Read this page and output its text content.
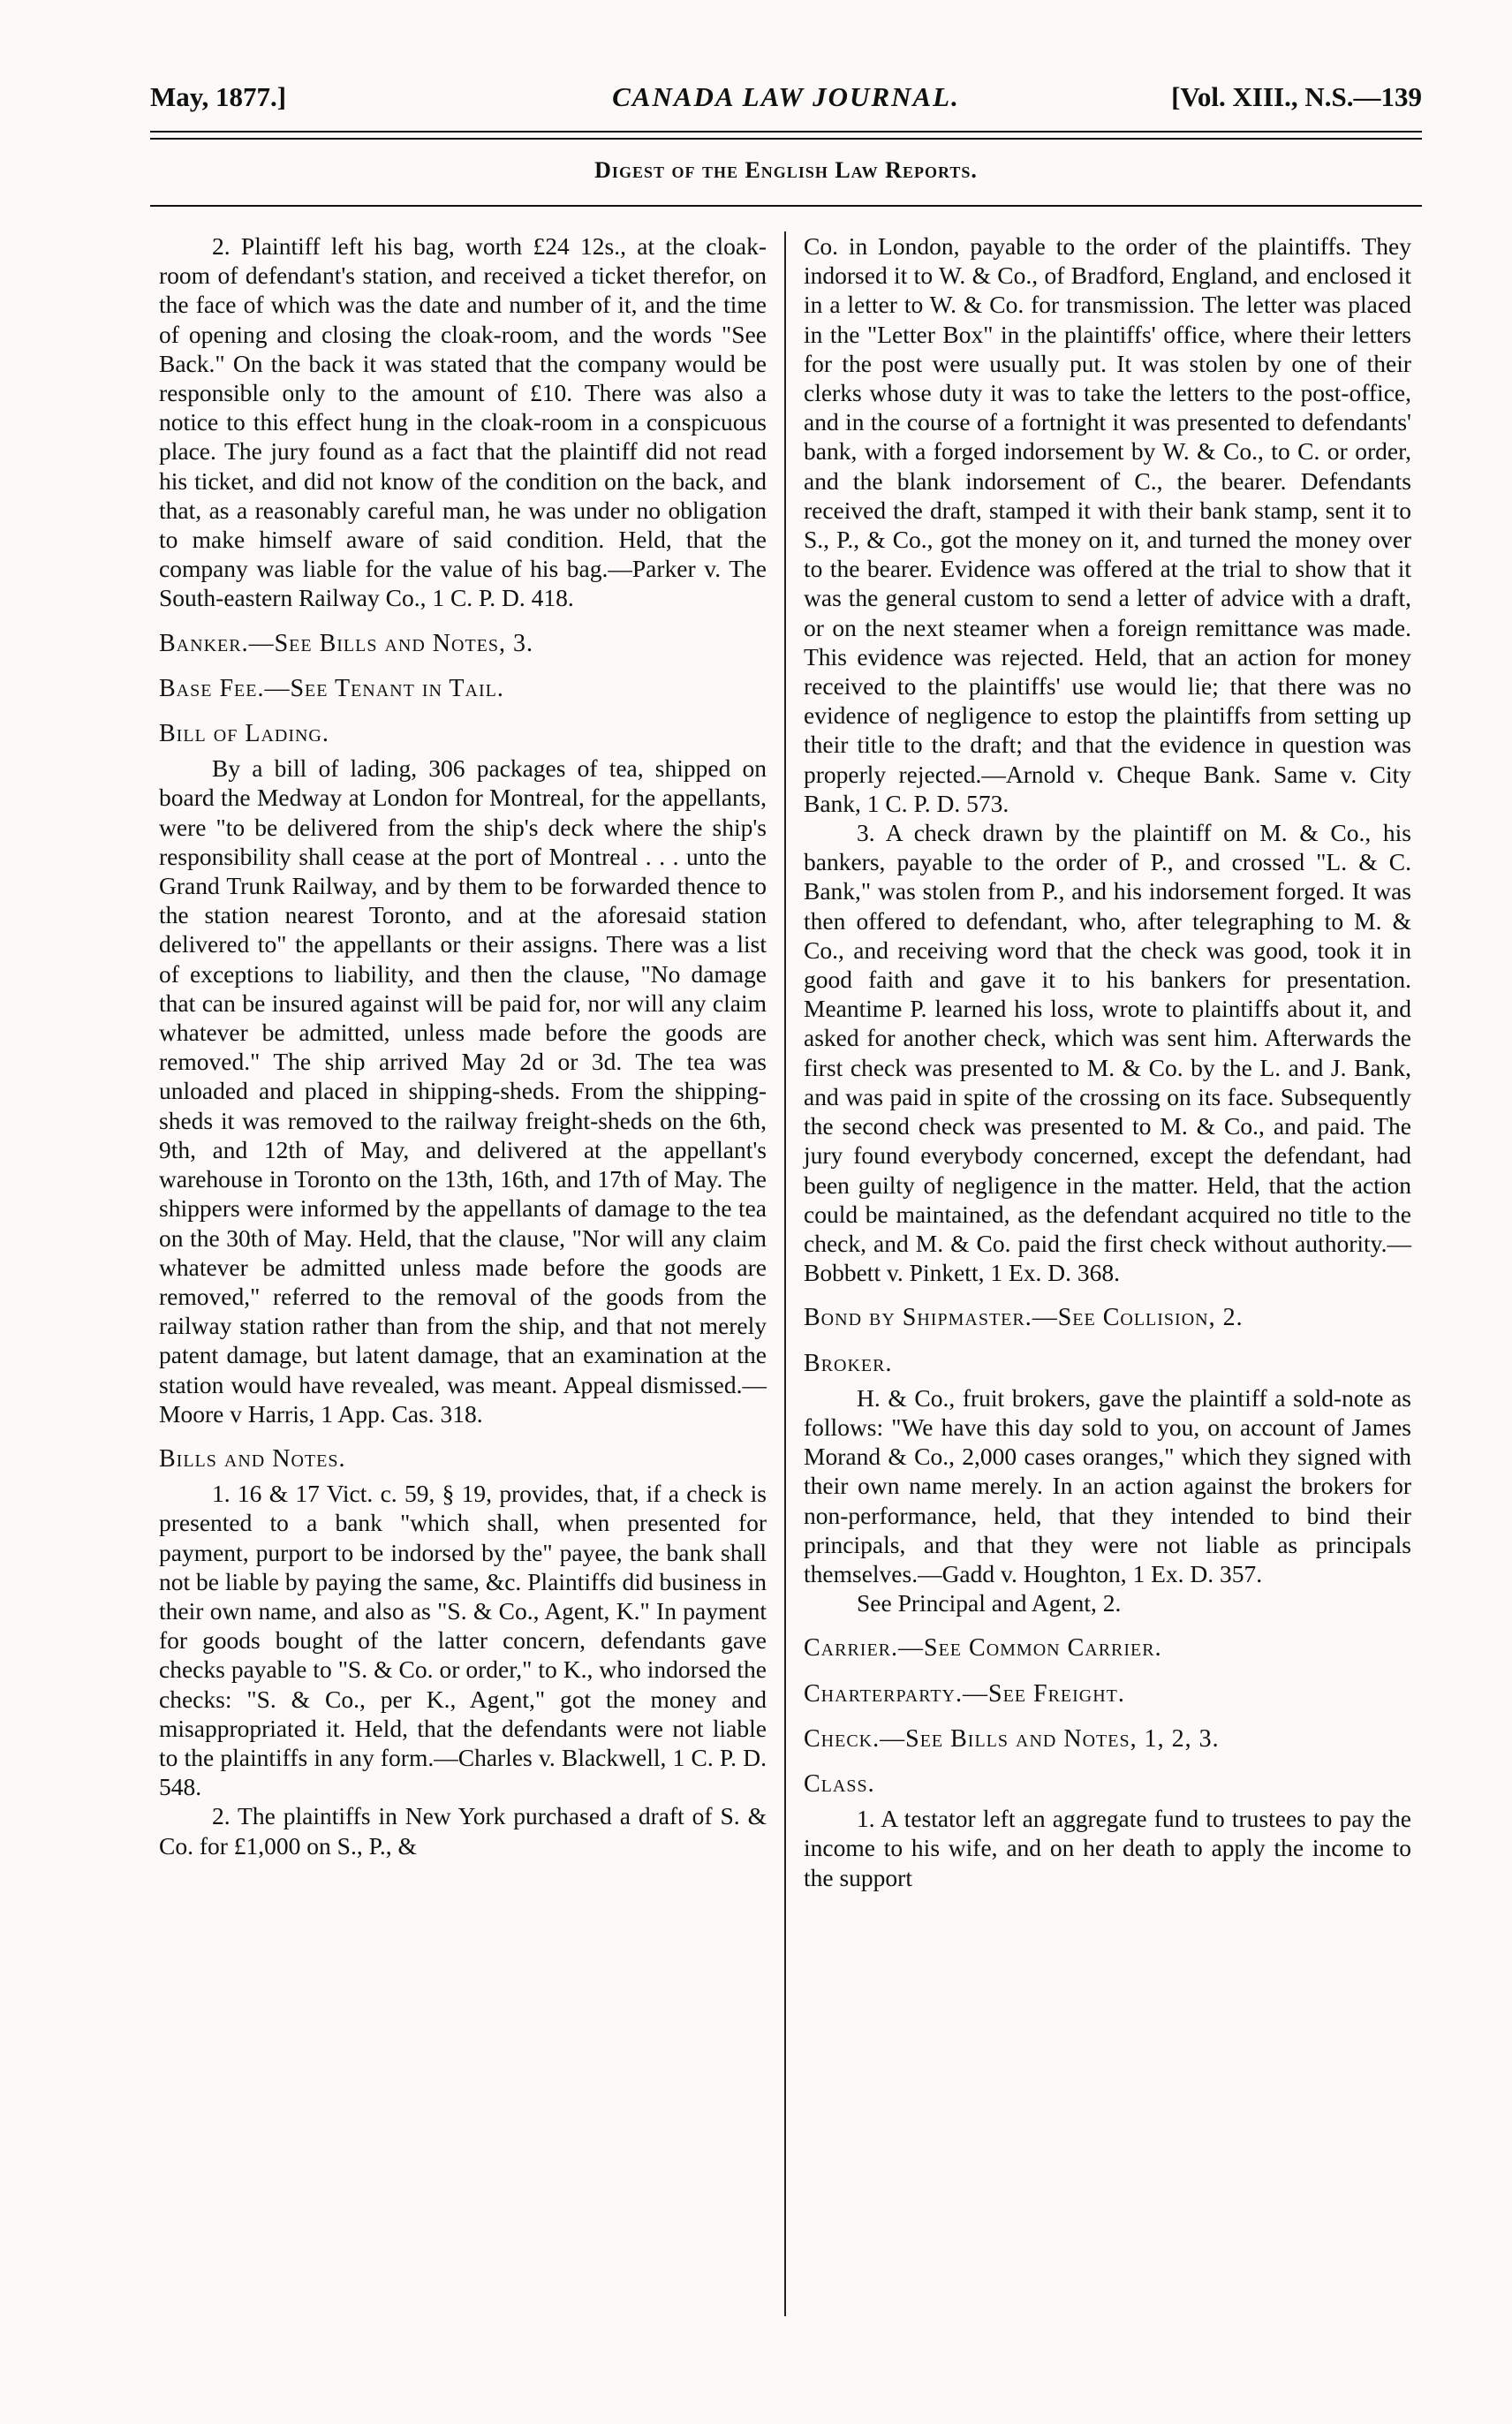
May, 1877.]	CANADA LAW JOURNAL.	[Vol. XIII., N.S.—139
Digest of the English Law Reports.

2. Plaintiff left his bag, worth £24 12s., at the cloak-room of defendant's station, and received a ticket therefor, on the face of which was the date and number of it, and the time of opening and closing the cloak-room, and the words "See Back." On the back it was stated that the company would be responsible only to the amount of £10. There was also a notice to this effect hung in the cloak-room in a conspicuous place. The jury found as a fact that the plaintiff did not read his ticket, and did not know of the condition on the back, and that, as a reasonably careful man, he was under no obligation to make himself aware of said condition. Held, that the company was liable for the value of his bag.—Parker v. The South-eastern Railway Co., 1 C. P. D. 418.

Banker.—See Bills and Notes, 3.

Base Fee.—See Tenant in Tail.

Bill of Lading.

By a bill of lading, 306 packages of tea, shipped on board the Medway at London for Montreal, for the appellants, were "to be delivered from the ship's deck where the ship's responsibility shall cease at the port of Montreal . . . unto the Grand Trunk Railway, and by them to be forwarded thence to the station nearest Toronto, and at the aforesaid station delivered to" the appellants or their assigns. There was a list of exceptions to liability, and then the clause, "No damage that can be insured against will be paid for, nor will any claim whatever be admitted, unless made before the goods are removed." The ship arrived May 2d or 3d. The tea was unloaded and placed in shipping-sheds. From the shipping-sheds it was removed to the railway freight-sheds on the 6th, 9th, and 12th of May, and delivered at the appellant's warehouse in Toronto on the 13th, 16th, and 17th of May. The shippers were informed by the appellants of damage to the tea on the 30th of May. Held, that the clause, "Nor will any claim whatever be admitted unless made before the goods are removed," referred to the removal of the goods from the railway station rather than from the ship, and that not merely patent damage, but latent damage, that an examination at the station would have revealed, was meant. Appeal dismissed.—Moore v Harris, 1 App. Cas. 318.

Bills and Notes.

1. 16 & 17 Vict. c. 59, § 19, provides, that, if a check is presented to a bank "which shall, when presented for payment, purport to be indorsed by the" payee, the bank shall not be liable by paying the same, &c. Plaintiffs did business in their own name, and also as "S. & Co., Agent, K." In payment for goods bought of the latter concern, defendants gave checks payable to "S. & Co. or order," to K., who indorsed the checks: "S. & Co., per K., Agent," got the money and misappropriated it. Held, that the defendants were not liable to the plaintiffs in any form.—Charles v. Blackwell, 1 C. P. D. 548.

2. The plaintiffs in New York purchased a draft of S. & Co. for £1,000 on S., P., &

Co. in London, payable to the order of the plaintiffs. They indorsed it to W. & Co., of Bradford, England, and enclosed it in a letter to W. & Co. for transmission. The letter was placed in the "Letter Box" in the plaintiffs' office, where their letters for the post were usually put. It was stolen by one of their clerks whose duty it was to take the letters to the post-office, and in the course of a fortnight it was presented to defendants' bank, with a forged indorsement by W. & Co., to C. or order, and the blank indorsement of C., the bearer. Defendants received the draft, stamped it with their bank stamp, sent it to S., P., & Co., got the money on it, and turned the money over to the bearer. Evidence was offered at the trial to show that it was the general custom to send a letter of advice with a draft, or on the next steamer when a foreign remittance was made. This evidence was rejected. Held, that an action for money received to the plaintiffs' use would lie; that there was no evidence of negligence to estop the plaintiffs from setting up their title to the draft; and that the evidence in question was properly rejected.—Arnold v. Cheque Bank. Same v. City Bank, 1 C. P. D. 573.

3. A check drawn by the plaintiff on M. & Co., his bankers, payable to the order of P., and crossed "L. & C. Bank," was stolen from P., and his indorsement forged. It was then offered to defendant, who, after telegraphing to M. & Co., and receiving word that the check was good, took it in good faith and gave it to his bankers for presentation. Meantime P. learned his loss, wrote to plaintiffs about it, and asked for another check, which was sent him. Afterwards the first check was presented to M. & Co. by the L. and J. Bank, and was paid in spite of the crossing on its face. Subsequently the second check was presented to M. & Co., and paid. The jury found everybody concerned, except the defendant, had been guilty of negligence in the matter. Held, that the action could be maintained, as the defendant acquired no title to the check, and M. & Co. paid the first check without authority.—Bobbett v. Pinkett, 1 Ex. D. 368.

Bond by Shipmaster.—See Collision, 2.

Broker.

H. & Co., fruit brokers, gave the plaintiff a sold-note as follows: "We have this day sold to you, on account of James Morand & Co., 2,000 cases oranges," which they signed with their own name merely. In an action against the brokers for non-performance, held, that they intended to bind their principals, and that they were not liable as principals themselves.—Gadd v. Houghton, 1 Ex. D. 357.

See Principal and Agent, 2.

Carrier.—See Common Carrier.

Charterparty.—See Freight.

Check.—See Bills and Notes, 1, 2, 3.

Class.

1. A testator left an aggregate fund to trustees to pay the income to his wife, and on her death to apply the income to the support
